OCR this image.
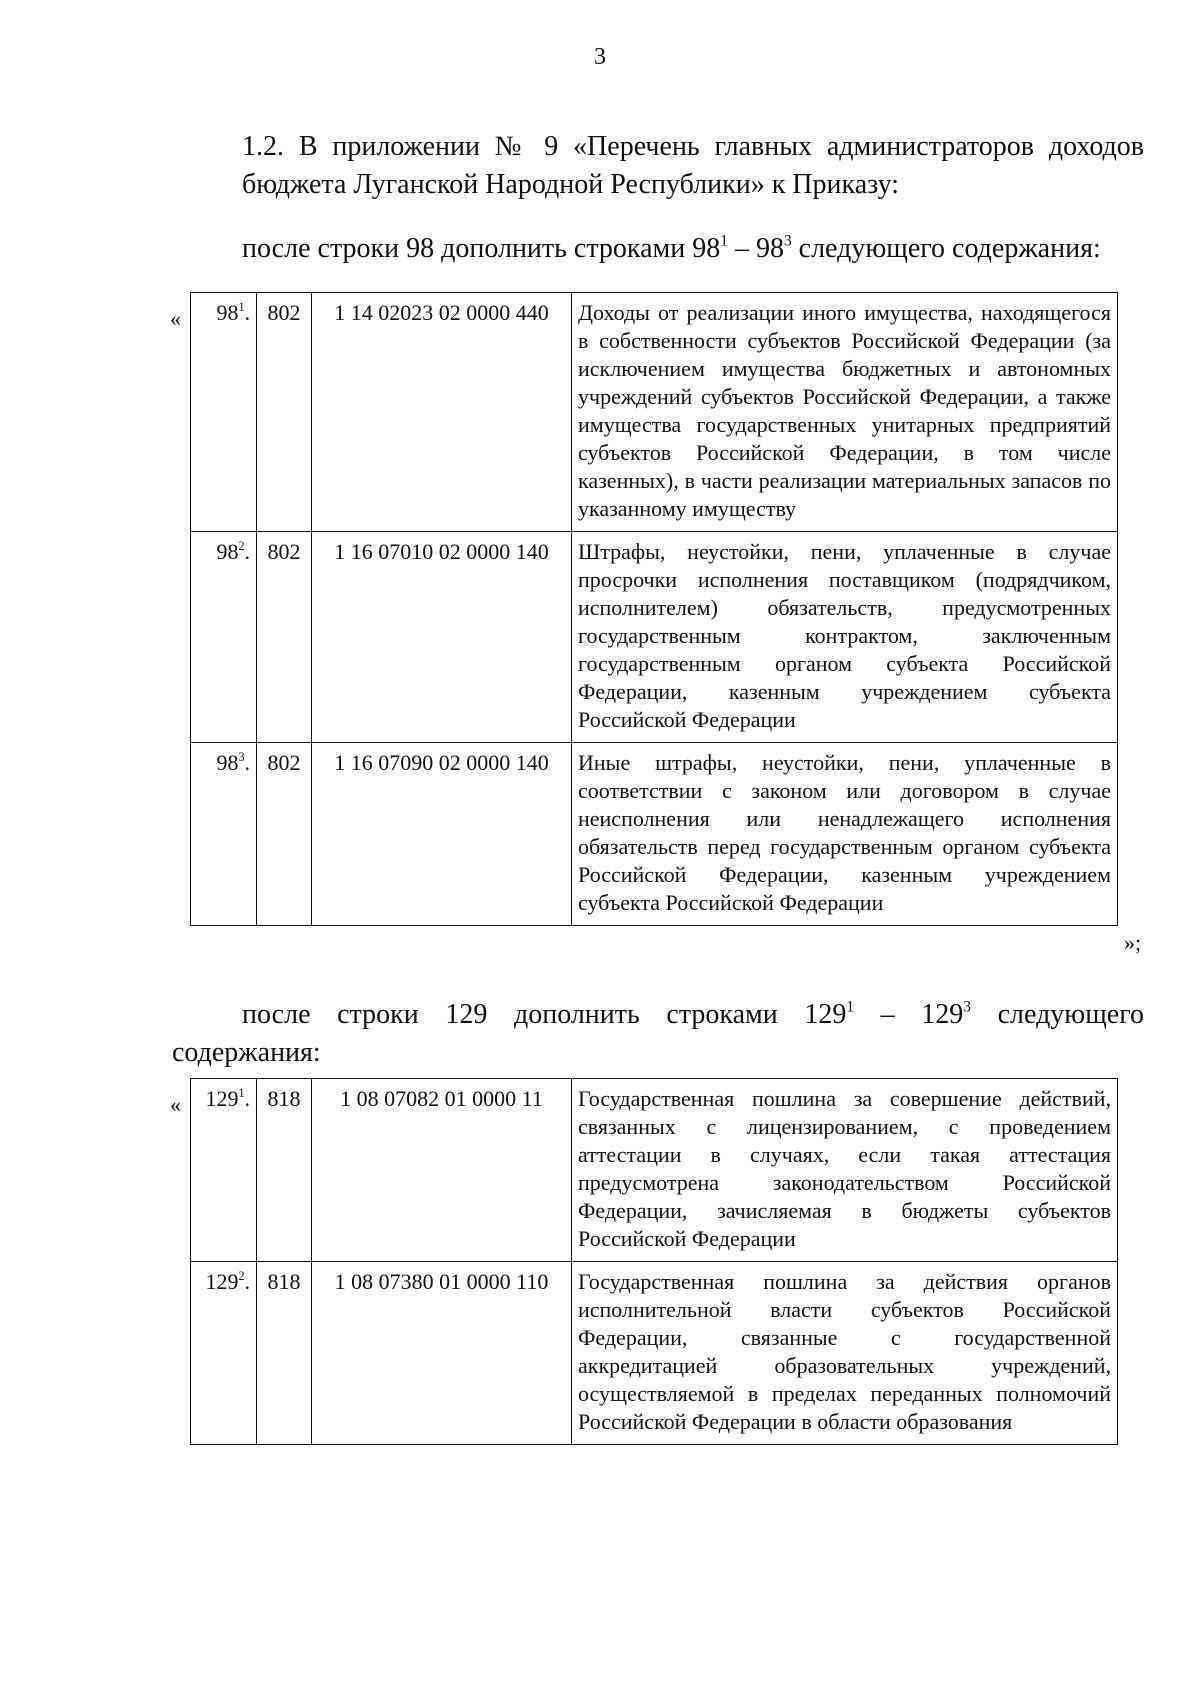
3
1.2. В приложении № 9 «Перечень главных администраторов доходов
бюджета Луганской Народной Республики» к Приказу:
после строки 98 дополнить строками $98^1 - 98^3$ следующего содержания:
« $98^1$.	802	1 14 02023 02 0000 440	Доходы от реализации иного имущества, находящегося в собственности субъектов Российской Федерации (за исключением имущества бюджетных и автономных учреждений субъектов Российской Федерации, а также имущества государственных унитарных предприятий субъектов Российской Федерации, в том числе казенных), в части реализации материальных запасов по указанному имуществу
$98^2$.	802	1 16 07010 02 0000 140	Штрафы, неустойки, пени, уплаченные в случае просрочки исполнения поставщиком (подрядчиком, исполнителем) обязательств, предусмотренных государственным контрактом, заключенным государственным органом субъекта Российской Федерации, казенным учреждением субъекта Российской Федерации
$98^3$.	802	1 16 07090 02 0000 140	Иные штрафы, неустойки, пени, уплаченные в соответствии с законом или договором в случае неисполнения или ненадлежащего исполнения обязательств перед государственным органом субъекта Российской Федерации, казенным учреждением субъекта Российской Федерации
»;
после строки 129 дополнить строками $129^1 - 129^3$ следующего
содержания:
« $129^1$.	818	1 08 07082 01 0000 11	Государственная пошлина за совершение действий, связанных с лицензированием, с проведением аттестации в случаях, если такая аттестация предусмотрена законодательством Российской Федерации, зачисляемая в бюджеты субъектов Российской Федерации
$129^2$.	818	1 08 07380 01 0000 110	Государственная пошлина за действия органов исполнительной власти субъектов Российской Федерации, связанные с государственной аккредитацией образовательных учреждений, осуществляемой в пределах переданных полномочий Российской Федерации в области образования
